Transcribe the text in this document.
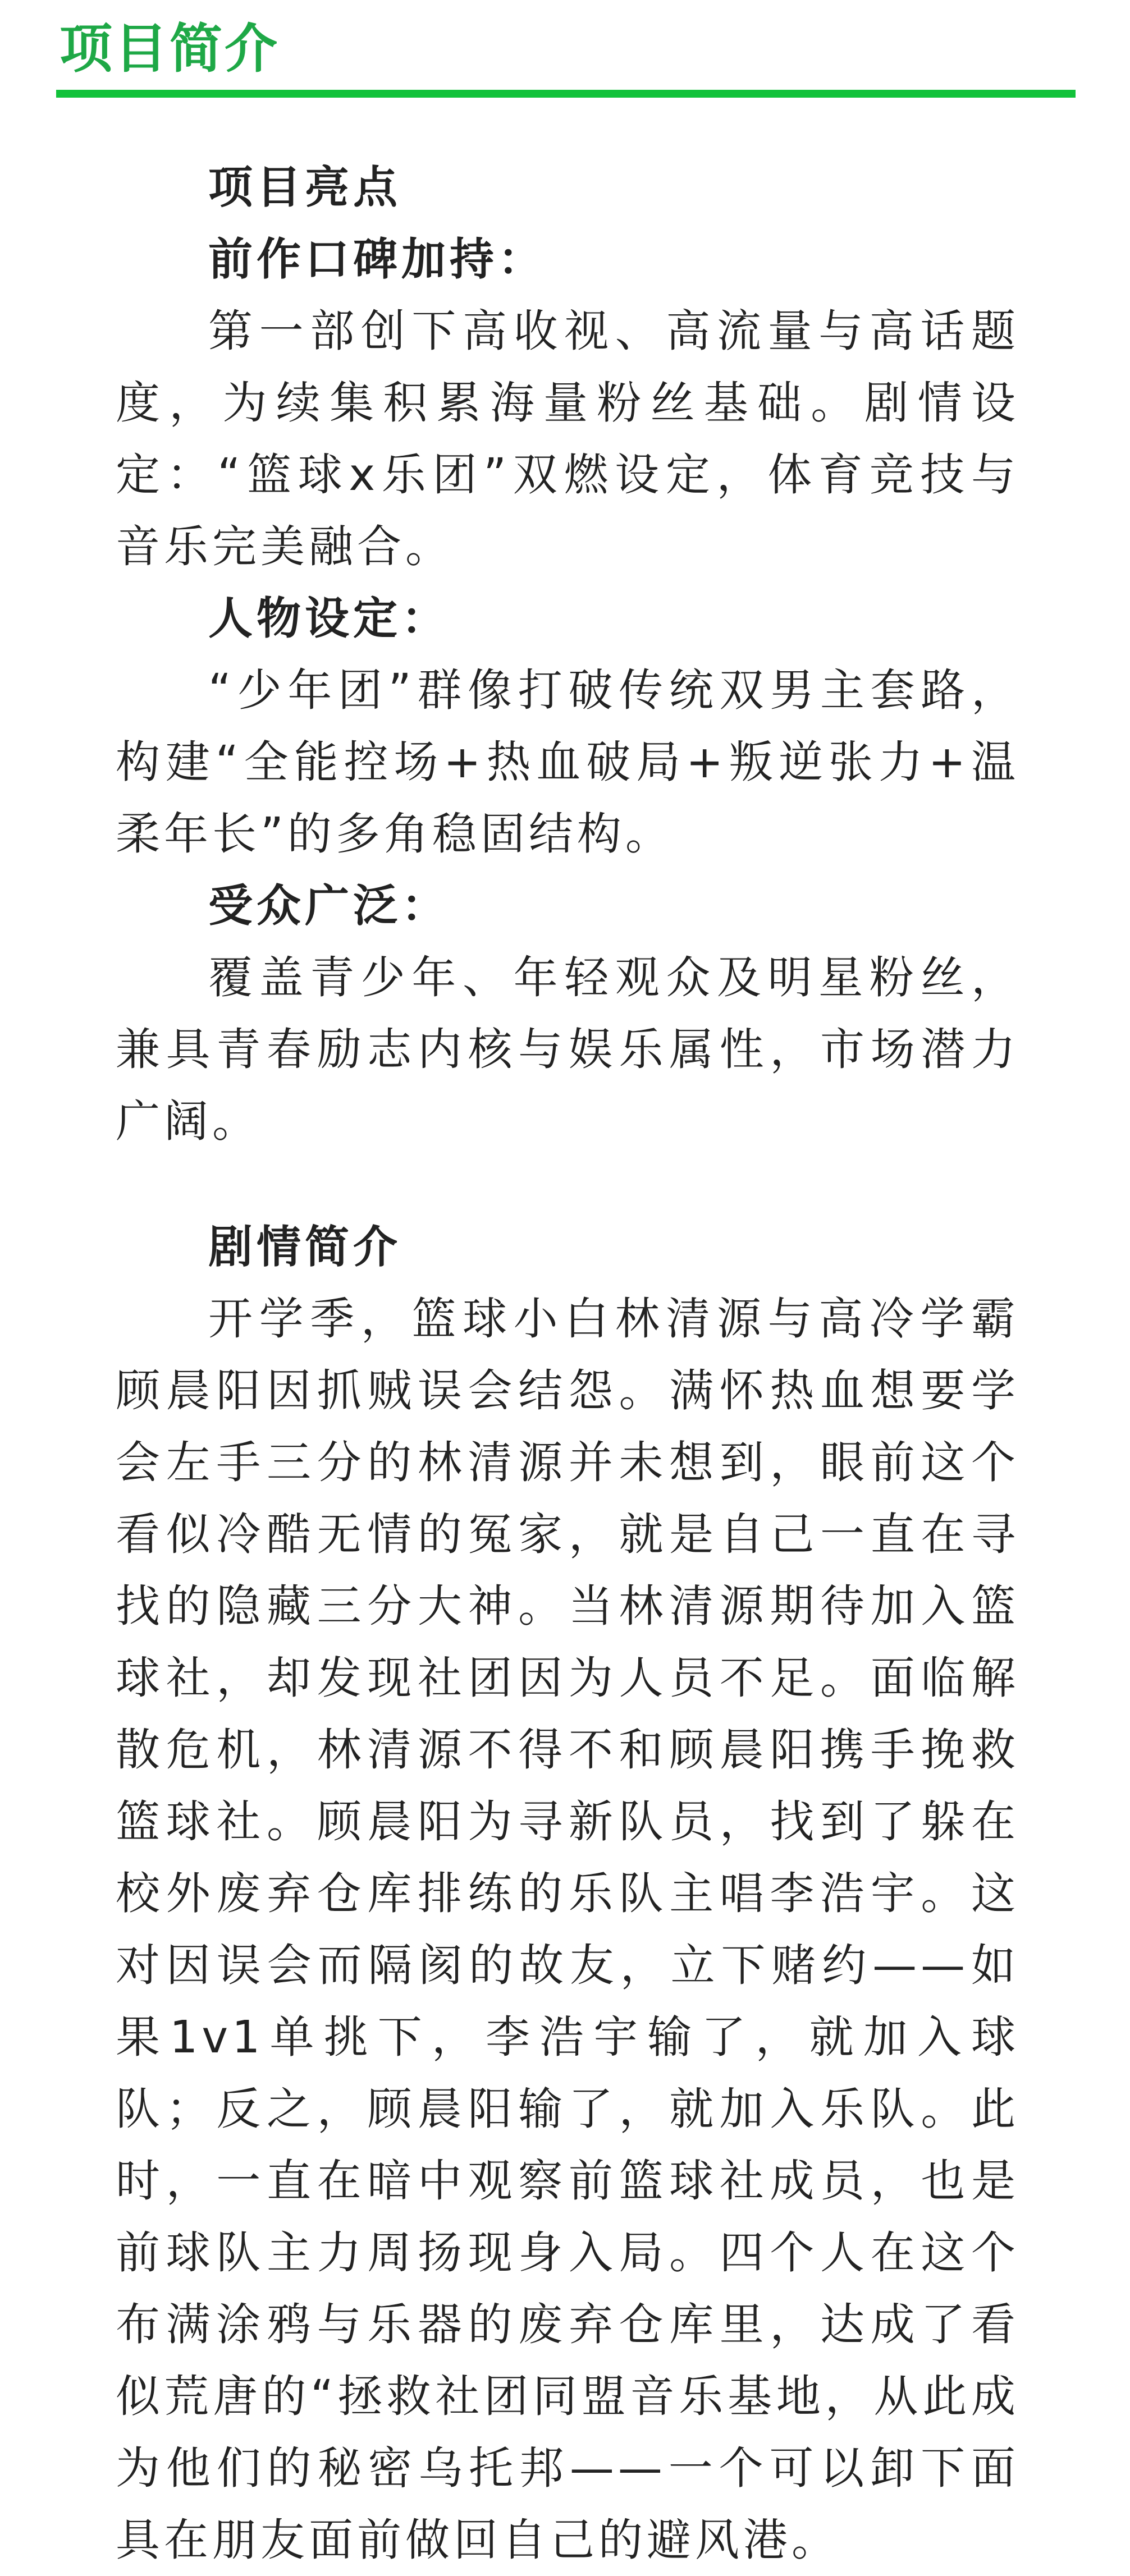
项目简介

项目亮点

前作口碑加持：

第一部创下高收视、高流量与高话题度，为续集积累海量粉丝基础。剧情设定：“篮球x乐团”双燃设定，体育竞技与音乐完美融合。

人物设定：

“少年团”群像打破传统双男主套路，构建“全能控场+热血破局+叛逆张力+温柔年长”的多角稳固结构。

受众广泛：

覆盖青少年、年轻观众及明星粉丝，兼具青春励志内核与娱乐属性，市场潜力广阔。

剧情简介

开学季，篮球小白林清源与高冷学霸顾晨阳因抓贼误会结怨。满怀热血想要学会左手三分的林清源并未想到，眼前这个看似冷酷无情的冤家，就是自己一直在寻找的隐藏三分大神。当林清源期待加入篮球社，却发现社团因为人员不足。面临解散危机，林清源不得不和顾晨阳携手挽救篮球社。顾晨阳为寻新队员，找到了躲在校外废弃仓库排练的乐队主唱李浩宇。这对因误会而隔阂的故友，立下赌约——如果1v1单挑下，李浩宇输了，就加入球队；反之，顾晨阳输了，就加入乐队。此时，一直在暗中观察前篮球社成员，也是前球队主力周扬现身入局。四个人在这个布满涂鸦与乐器的废弃仓库里，达成了看似荒唐的“拯救社团同盟音乐基地，从此成为他们的秘密乌托邦——一个可以卸下面具在朋友面前做回自己的避风港。
